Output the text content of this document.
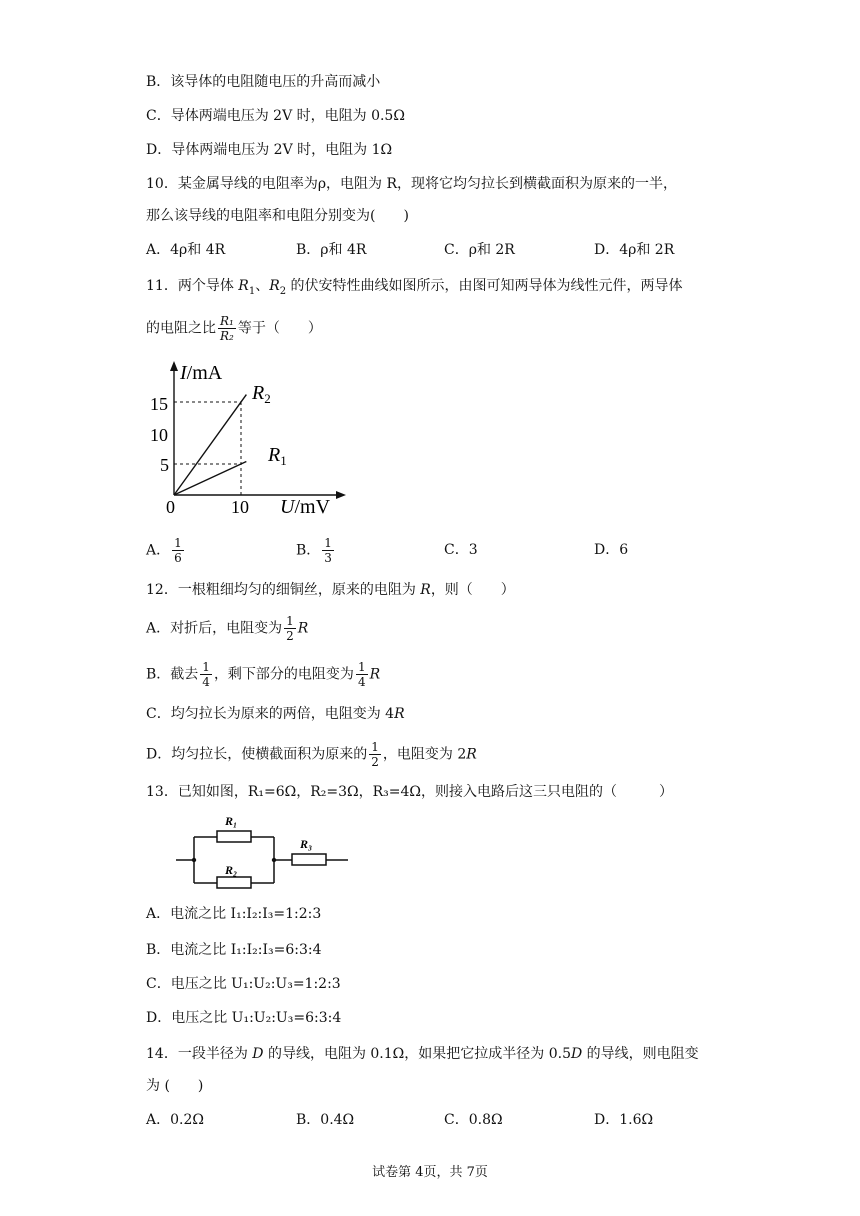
B．该导体的电阻随电压的升高而减小
C．导体两端电压为 2V 时，电阻为 0.5Ω
D．导体两端电压为 2V 时，电阻为 1Ω
10．某金属导线的电阻率为ρ，电阻为 R，现将它均匀拉长到横截面积为原来的一半，
那么该导线的电阻率和电阻分别变为(　　)
A．4ρ和 4R	B．ρ和 4R	C．ρ和 2R	D．4ρ和 2R
11．两个导体 $R_1$、$R_2$ 的伏安特性曲线如图所示，由图可知两导体为线性元件，两导体
的电阻之比 $\frac{\text{R₁}}{\text{R₂}}$ 等于（　　）
I/mA
U/mV
0	10
5
10
15	$R_2$
$R_1$
A． $\frac{1}{6}$	B． $\frac{1}{3}$	C．3	D．6
12．一根粗细均匀的细铜丝，原来的电阻为 R，则（　　）
A．对折后，电阻变为 $\frac{1}{2}$ R
B．截去 $\frac{1}{4}$ ，剩下部分的电阻变为 $\frac{1}{4}$ R
C．均匀拉长为原来的两倍，电阻变为 4R
D．均匀拉长，使横截面积为原来的 $\frac{1}{2}$ ，电阻变为 2R
13．已知如图，R₁=6Ω，R₂=3Ω，R₃=4Ω，则接入电路后这三只电阻的（　　　）
R₁
R₂
R₃
A．电流之比 I₁:I₂:I₃=1:2:3
B．电流之比 I₁:I₂:I₃=6:3:4
C．电压之比 U₁:U₂:U₃=1:2:3
D．电压之比 U₁:U₂:U₃=6:3:4
14．一段半径为 D 的导线，电阻为 0.1Ω，如果把它拉成半径为 0.5D 的导线，则电阻变
为 (　　)
A．0.2Ω	B．0.4Ω	C．0.8Ω	D．1.6Ω
试卷第 4页，共 7页
